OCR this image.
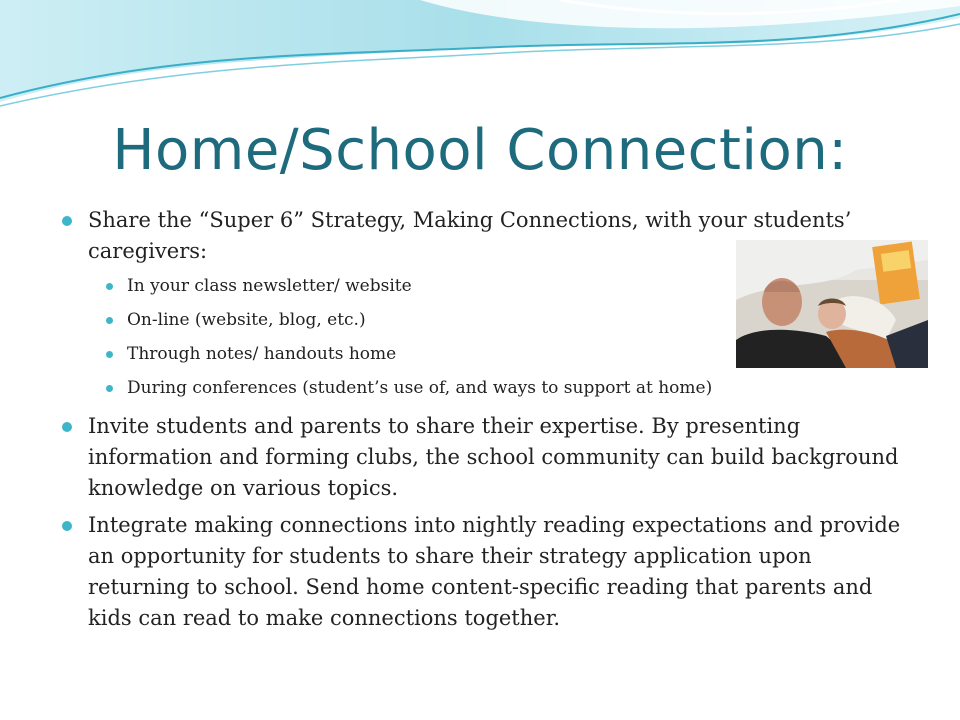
Home/School Connection:
Share the “Super 6” Strategy, Making Connections, with your students’
caregivers:
In your class newsletter/ website
On-line (website, blog, etc.)
Through notes/ handouts home
During conferences (student’s use of, and ways to support at home)
Invite students and parents to share their expertise. By presenting information and forming clubs, the school community can build background knowledge on various topics.
Integrate making connections into nightly reading expectations and provide an opportunity for students to share their strategy application upon returning to school. Send home content-specific reading that parents and kids can read to make connections together.
